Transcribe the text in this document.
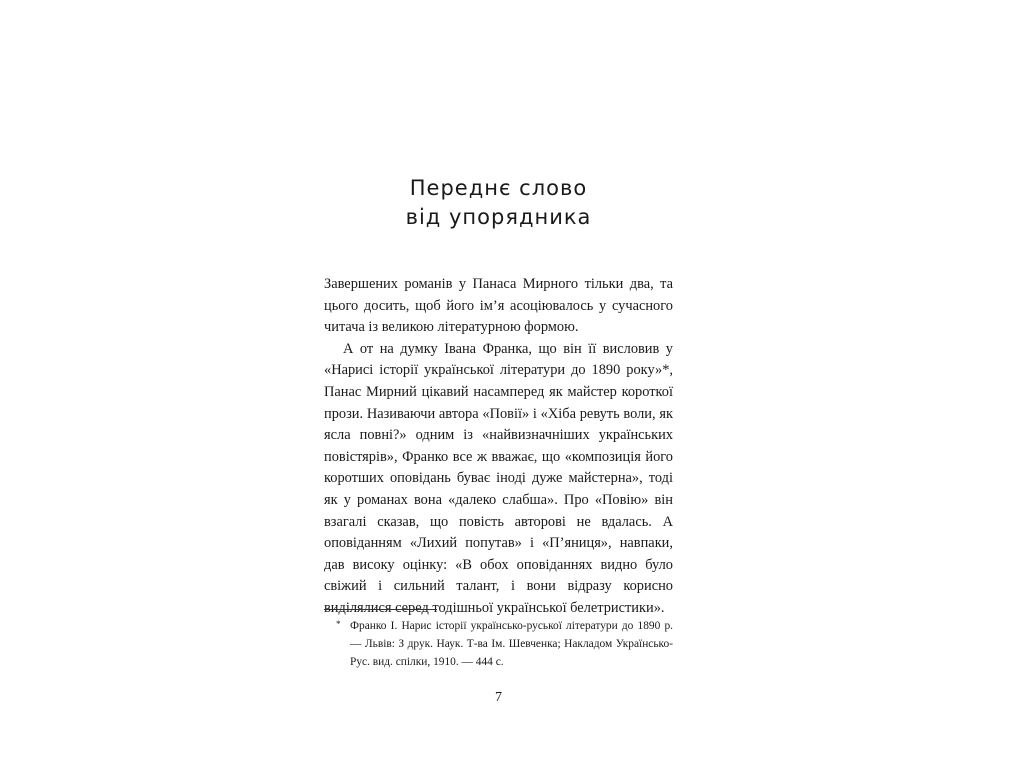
Переднє слово
від упорядника

Завершених романів у Панаса Мирного тільки два, та цього досить, щоб його ім’я асоціювалось у сучасного читача із великою літературною формою.

А от на думку Івана Франка, що він її висловив у «Нарисі історії української літератури до 1890 року»*, Панас Мирний цікавий насамперед як майстер короткої прози. Називаючи автора «Повії» і «Хіба ревуть воли, як ясла повні?» одним із «найвизначніших українських повістярів», Франко все ж вважає, що «композиція його коротших оповідань буває іноді дуже майстерна», тоді як у романах вона «далеко слабша». Про «Повію» він взагалі сказав, що повість авторові не вдалась. А оповіданням «Лихий попутав» і «П’яниця», навпаки, дав високу оцінку: «В обох оповіданнях видно було свіжий і сильний талант, і вони відразу корисно виділялися серед тодішньої української белетристики».

* Франко І. Нарис історії українсько-руської літератури до 1890 р. — Львів: З друк. Наук. Т-ва Ім. Шевченка; Накладом Українсько-Рус. вид. спілки, 1910. — 444 с.
7
